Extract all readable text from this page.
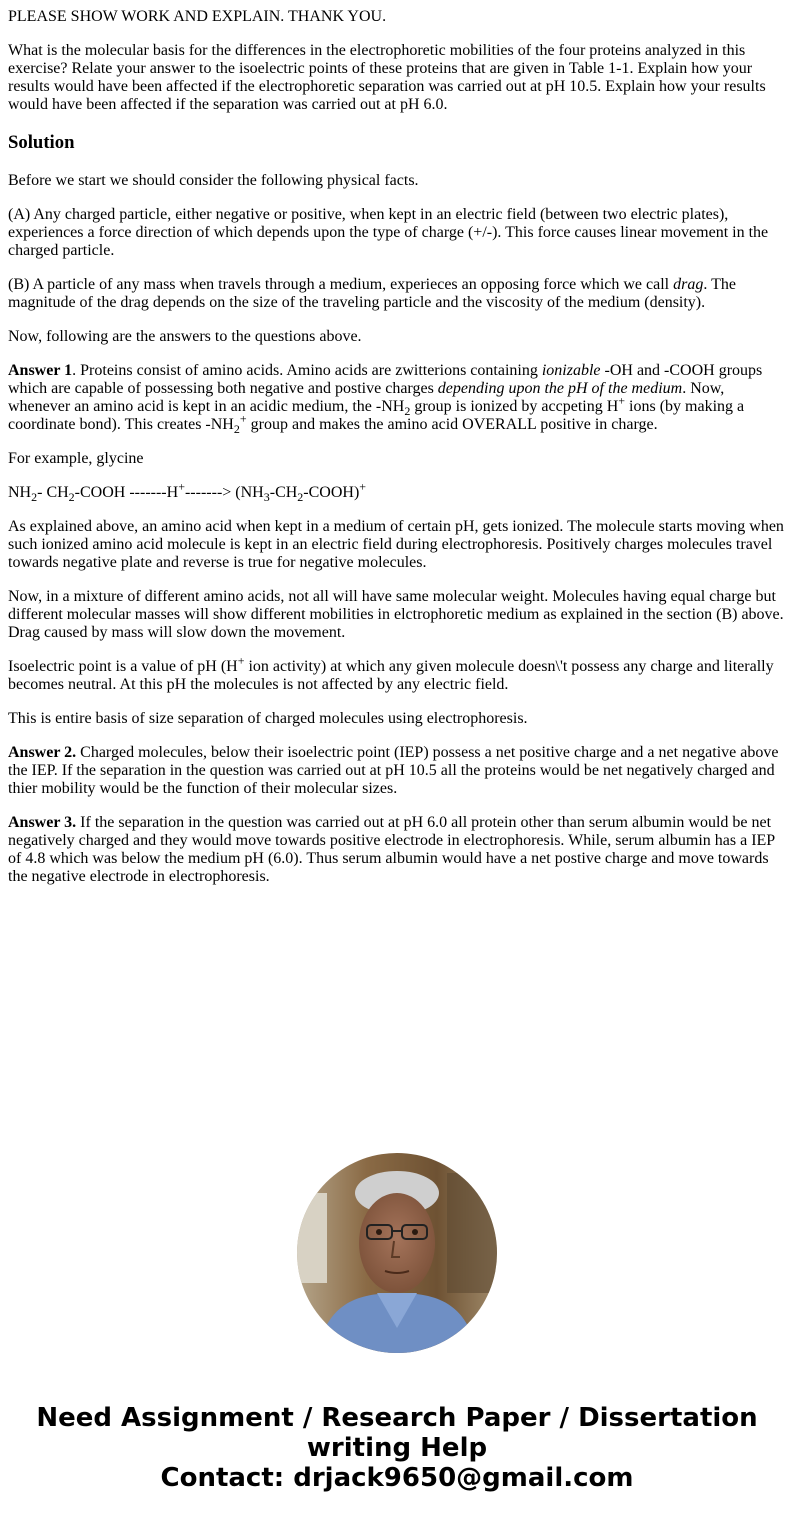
PLEASE SHOW WORK AND EXPLAIN. THANK YOU.

What is the molecular basis for the differences in the electrophoretic mobilities of the four proteins analyzed in this exercise? Relate your answer to the isoelectric points of these proteins that are given in Table 1-1. Explain how your results would have been affected if the electrophoretic separation was carried out at pH 10.5. Explain how your results would have been affected if the separation was carried out at pH 6.0.

Solution

Before we start we should consider the following physical facts.

(A) Any charged particle, either negative or positive, when kept in an electric field (between two electric plates), experiences a force direction of which depends upon the type of charge (+/-). This force causes linear movement in the charged particle.

(B) A particle of any mass when travels through a medium, experieces an opposing force which we call drag. The magnitude of the drag depends on the size of the traveling particle and the viscosity of the medium (density).

Now, following are the answers to the questions above.

Answer 1. Proteins consist of amino acids. Amino acids are zwitterions containing ionizable -OH and -COOH groups which are capable of possessing both negative and postive charges depending upon the pH of the medium. Now, whenever an amino acid is kept in an acidic medium, the $-NH_2$ group is ionized by accpeting H+ ions (by making a coordinate bond). This creates $-NH_2^+$ group and makes the amino acid OVERALL positive in charge.

For example, glycine

$NH_2-$ $CH_2$-COOH $-------H^+-------> (NH_3-CH_2-COOH)^+$

As explained above, an amino acid when kept in a medium of certain pH, gets ionized. The molecule starts moving when such ionized amino acid molecule is kept in an electric field during electrophoresis. Positively charges molecules travel towards negative plate and reverse is true for negative molecules.

Now, in a mixture of different amino acids, not all will have same molecular weight. Molecules having equal charge but different molecular masses will show different mobilities in elctrophoretic medium as explained in the section (B) above. Drag caused by mass will slow down the movement.

Isoelectric point is a value of pH (H+ ion activity) at which any given molecule doesn\'t possess any charge and literally becomes neutral. At this pH the molecules is not affected by any electric field.

This is entire basis of size separation of charged molecules using electrophoresis.

Answer 2. Charged molecules, below their isoelectric point (IEP) possess a net positive charge and a net negative above the IEP. If the separation in the question was carried out at pH 10.5 all the proteins would be net negatively charged and thier mobility would be the function of their molecular sizes.

Answer 3. If the separation in the question was carried out at pH 6.0 all protein other than serum albumin would be net negatively charged and they would move towards positive electrode in electrophoresis. While, serum albumin has a IEP of 4.8 which was below the medium pH (6.0). Thus serum albumin would have a net postive charge and move towards the negative electrode in electrophoresis.

Need Assignment / Research Paper / Dissertation
writing Help
Contact: drjack9650@gmail.com
